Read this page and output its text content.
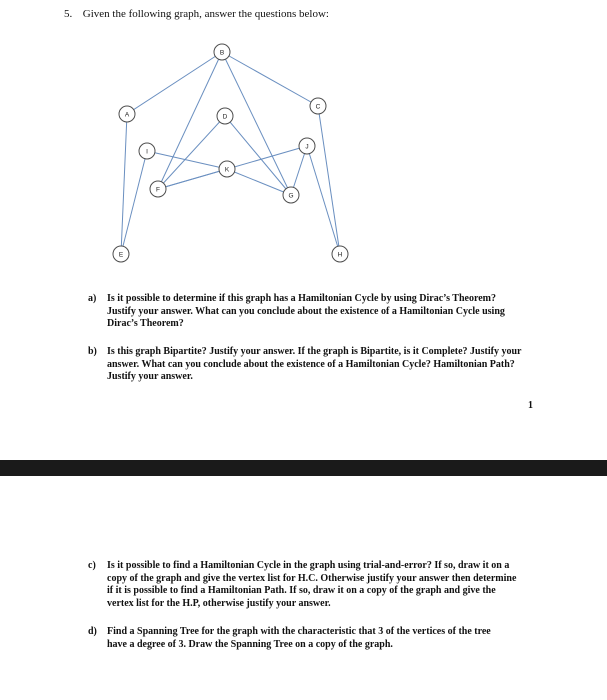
5. Given the following graph, answer the questions below:
A
B
C
D
E
F
G
H
I
J
K
a) Is it possible to determine if this graph has a Hamiltonian Cycle by using Dirac’s Theorem?
Justify your answer. What can you conclude about the existence of a Hamiltonian Cycle using
Dirac’s Theorem?
b) Is this graph Bipartite? Justify your answer. If the graph is Bipartite, is it Complete? Justify your
answer. What can you conclude about the existence of a Hamiltonian Cycle? Hamiltonian Path?
Justify your answer.
1
c) Is it possible to find a Hamiltonian Cycle in the graph using trial-and-error? If so, draw it on a
copy of the graph and give the vertex list for H.C. Otherwise justify your answer then determine
if it is possible to find a Hamiltonian Path. If so, draw it on a copy of the graph and give the
vertex list for the H.P, otherwise justify your answer.
d) Find a Spanning Tree for the graph with the characteristic that 3 of the vertices of the tree
have a degree of 3. Draw the Spanning Tree on a copy of the graph.
